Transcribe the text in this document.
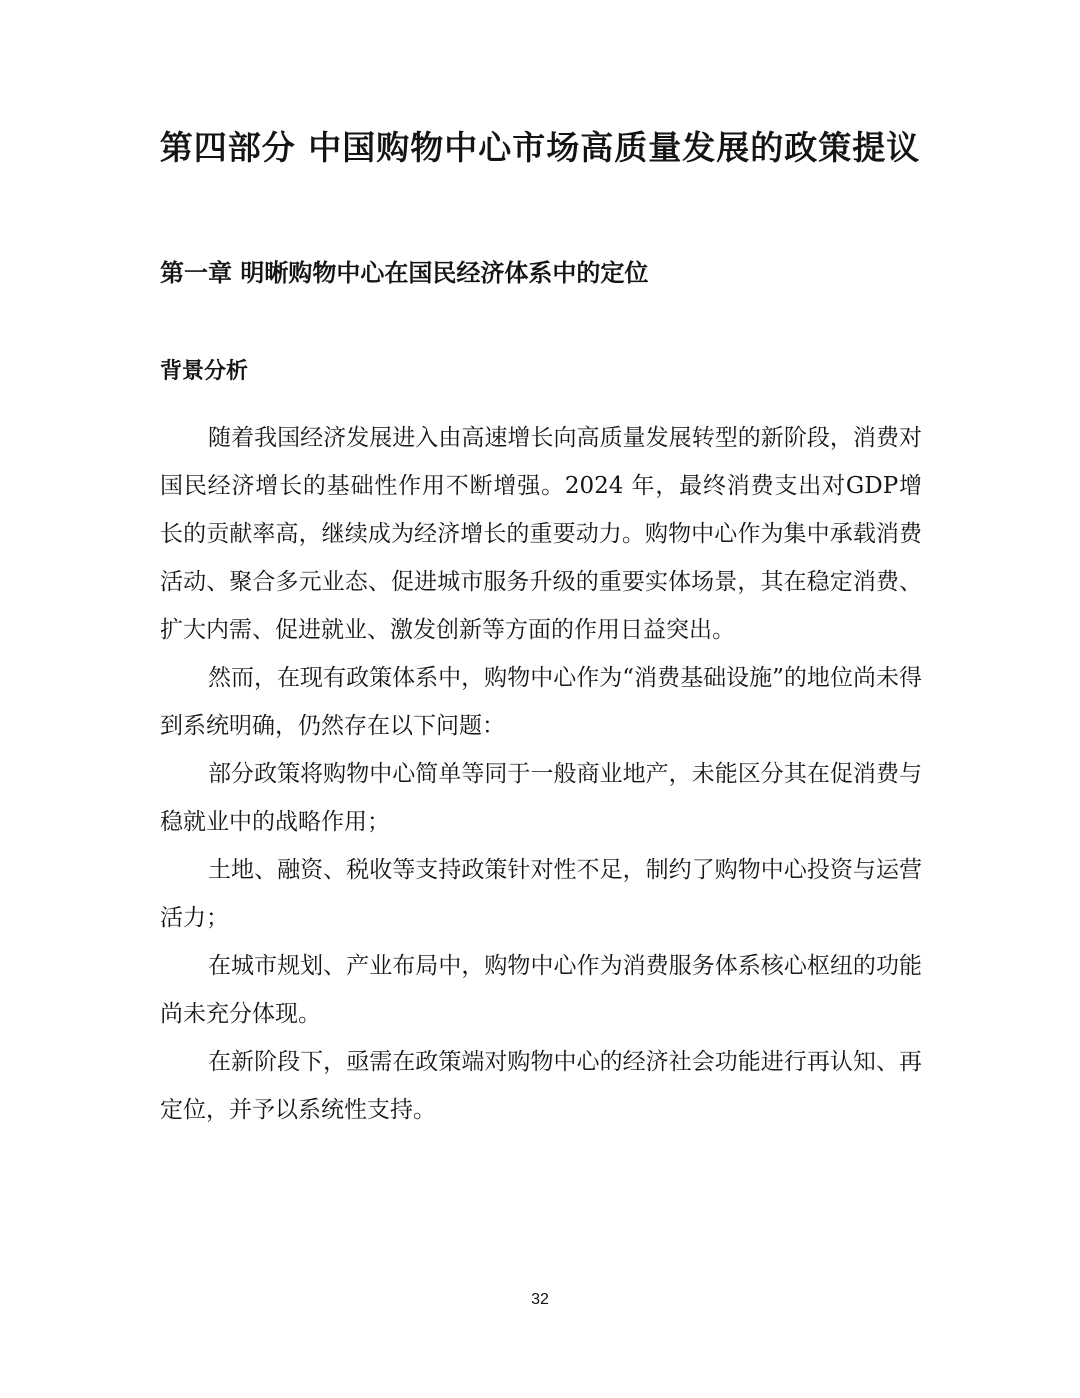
第四部分 中国购物中心市场高质量发展的政策提议
第一章 明晰购物中心在国民经济体系中的定位
背景分析

随着我国经济发展进入由高速增长向高质量发展转型的新阶段，消费对国民经济增长的基础性作用不断增强。2024 年，最终消费支出对GDP增长的贡献率高，继续成为经济增长的重要动力。购物中心作为集中承载消费活动、聚合多元业态、促进城市服务升级的重要实体场景，其在稳定消费、扩大内需、促进就业、激发创新等方面的作用日益突出。

然而，在现有政策体系中，购物中心作为“消费基础设施”的地位尚未得到系统明确，仍然存在以下问题：

部分政策将购物中心简单等同于一般商业地产，未能区分其在促消费与稳就业中的战略作用；

土地、融资、税收等支持政策针对性不足，制约了购物中心投资与运营活力；

在城市规划、产业布局中，购物中心作为消费服务体系核心枢纽的功能尚未充分体现。

在新阶段下，亟需在政策端对购物中心的经济社会功能进行再认知、再定位，并予以系统性支持。

32
